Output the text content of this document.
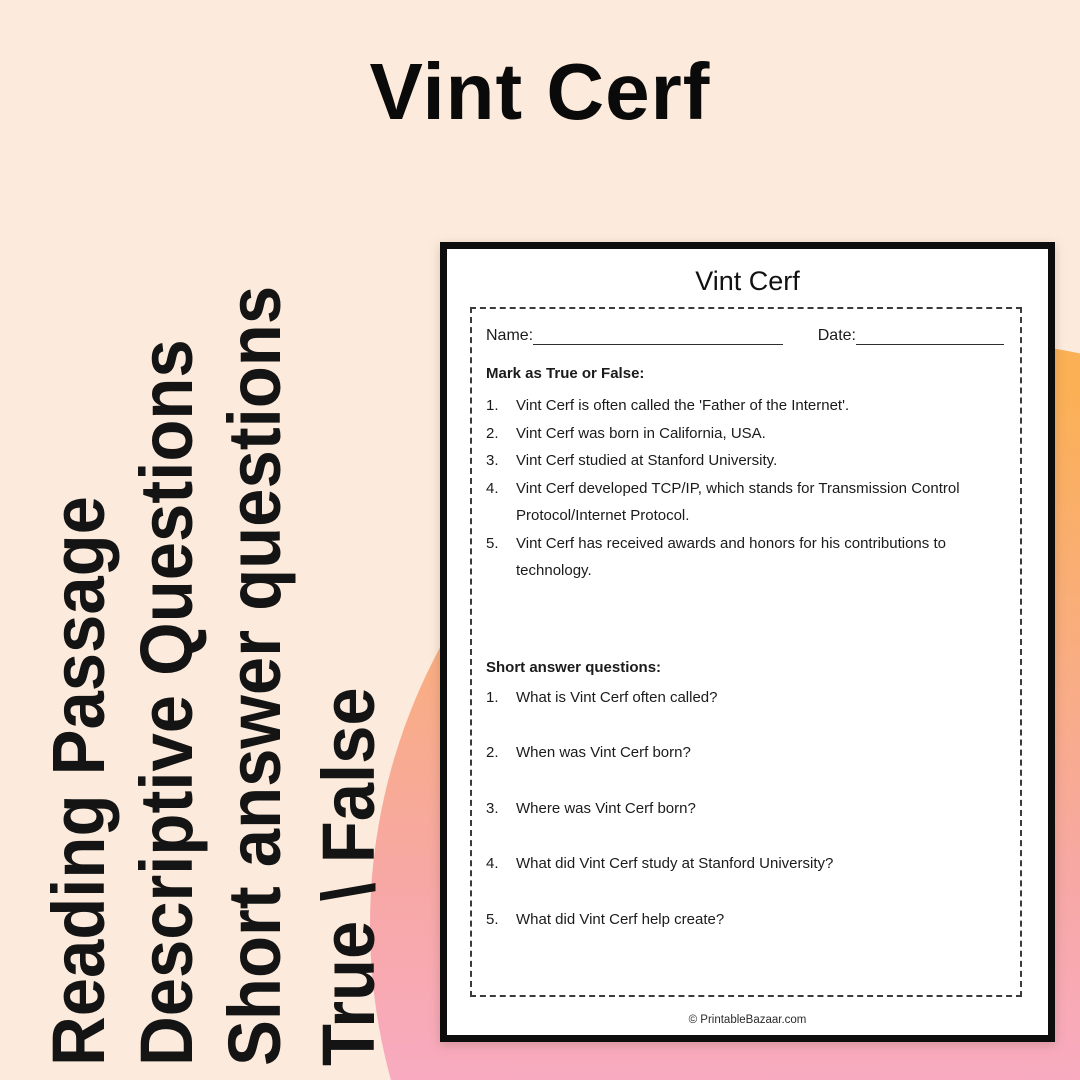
Reading Passage Descriptive Questions Short answer questions True \ False
Vint Cerf
Vint Cerf
Name:	Date:
Mark as True or False:
1.	Vint Cerf is often called the 'Father of the Internet'.
2.	Vint Cerf was born in California, USA.
3.	Vint Cerf studied at Stanford University.
4.	Vint Cerf developed TCP/IP, which stands for Transmission Control Protocol/Internet Protocol.
5.	Vint Cerf has received awards and honors for his contributions to technology.
Short answer questions:
1.	What is Vint Cerf often called?
2.	When was Vint Cerf born?
3.	Where was Vint Cerf born?
4.	What did Vint Cerf study at Stanford University?
5.	What did Vint Cerf help create?
© PrintableBazaar.com
